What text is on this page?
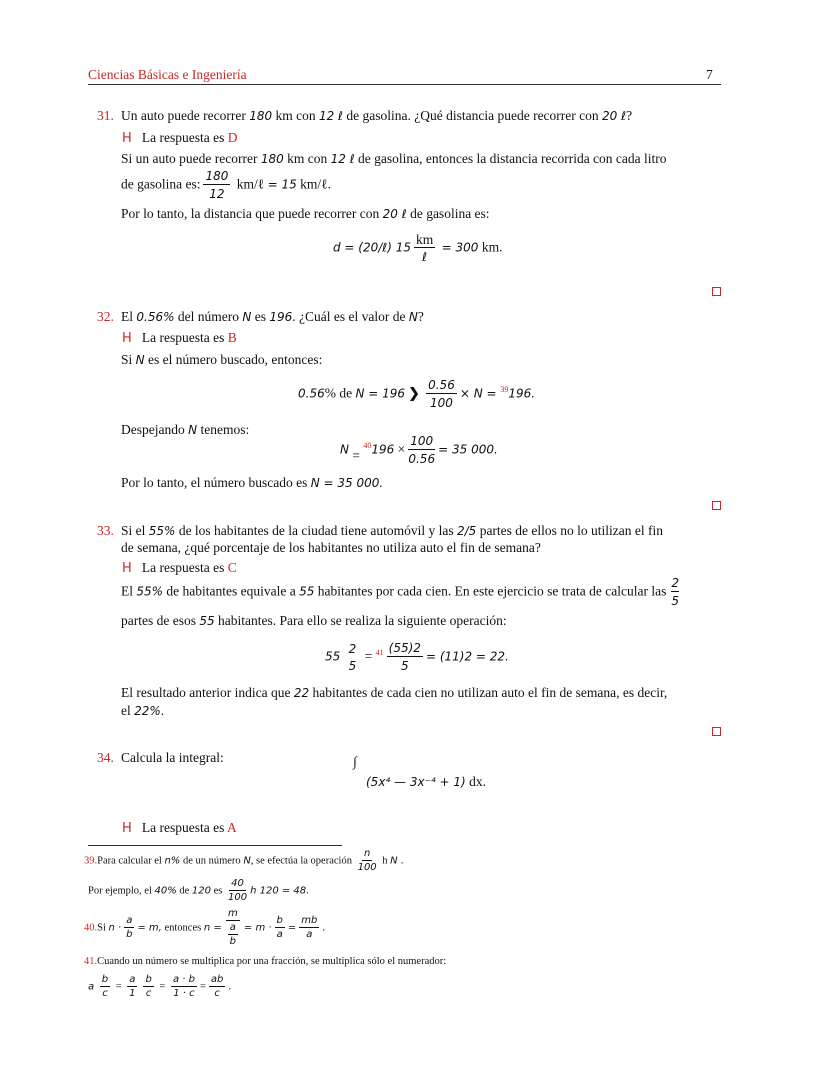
Ciencias Básicas e Ingeniería	7
31. Un auto puede recorrer 180 km con 12 ℓ de gasolina. ¿Qué distancia puede recorrer con 20 ℓ?
H La respuesta es D
Si un auto puede recorrer 180 km con 12 ℓ de gasolina, entonces la distancia recorrida con cada litro
de gasolina es: $\frac{180}{12}$ km/ℓ = 15 km/ℓ.
Por lo tanto, la distancia que puede recorrer con 20 ℓ de gasolina es:
d = (20/ℓ) $15 \frac{km}{\text{ℓ}} = 300$ km.
32. El 0.56% del número N es 196. ¿Cuál es el valor de N?
H La respuesta es B
Si N es el número buscado, entonces:
0.56% de N = 196 ❯ $\frac{0.56}{100} \times N = ^{39}196$.
Despejando N tenemos:
$N = ^{40}196 \times \frac{100}{0.56} = 35$ 000.
Por lo tanto, el número buscado es N = 35 000.
33. Si el 55% de los habitantes de la ciudad tiene automóvil y las 2/5 partes de ellos no lo utilizan el fin
de semana, ¿qué porcentaje de los habitantes no utiliza auto el fin de semana?
H La respuesta es C
El 55% de habitantes equivale a 55 habitantes por cada cien. En este ejercicio se trata de calcular las $\frac{2}{5}$
partes de esos 55 habitantes. Para ello se realiza la siguiente operación:
55
2
5
= $^{41} \frac{(55)2}{5} = (11)2 = 22$.
El resultado anterior indica que 22 habitantes de cada cien no utilizan auto el fin de semana, es decir,
el 22%.
34. Calcula la integral:	∫
(5x⁴ — 3x⁻⁴ + 1) dx.
H La respuesta es A
39.Para calcular el n% de un número N, se efectúa la operación $\frac{n}{100}$ h N .
Por ejemplo, el 40% de 120 es $\frac{40}{100}$ h 120 = 48.
40.Si $n \cdot \frac{a}{b} = m$, entonces $n = \frac{m}{\frac{a}{b}} = m \cdot \frac{b}{a} = \frac{mb}{a}$ .
41.Cuando un número se multiplica por una fracción, se multiplica sólo el numerador:
a $\frac{b}{c} = \frac{a}{1} \frac{b}{c} = \frac{a \cdot b}{1 \cdot c} = \frac{ab}{c}$ .
